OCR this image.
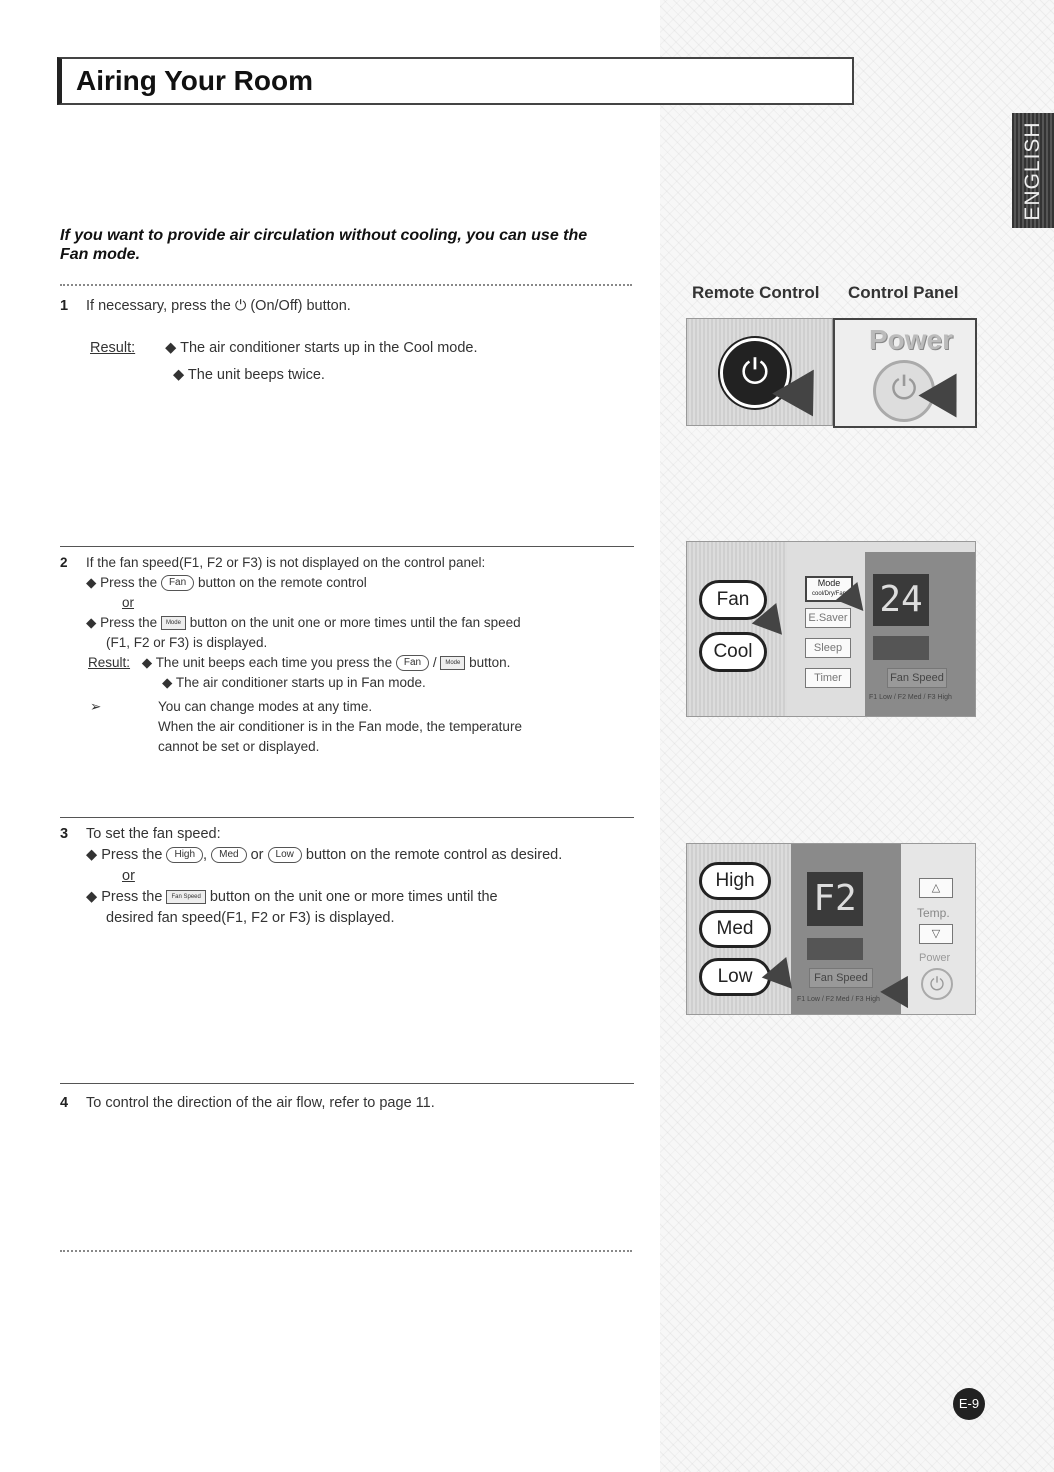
Airing Your Room
ENGLISH
If you want to provide air circulation without cooling, you can use the Fan mode.
1 If necessary, press the ⏻ (On/Off) button.
Result: ◆ The air conditioner starts up in the Cool mode.
◆ The unit beeps twice.
2 If the fan speed(F1, F2 or F3) is not displayed on the control panel:
◆ Press the Fan button on the remote control
or
◆ Press the Mode button on the unit one or more times until the fan speed
(F1, F2 or F3) is displayed.
Result: ◆ The unit beeps each time you press the Fan / Mode button.
◆ The air conditioner starts up in Fan mode.
➢	You can change modes at any time.
When the air conditioner is in the Fan mode, the temperature
cannot be set or displayed.
3 To set the fan speed:
◆ Press the High , Med or Low button on the remote control as desired.
or
◆ Press the Fan Speed button on the unit one or more times until the
desired fan speed(F1, F2 or F3) is displayed.
4 To control the direction of the air flow, refer to page 11.
Remote Control Control Panel
⏻
Power
⏻
Fan
Cool
Mode
cool/Dry/Fan
E.Saver
Sleep
Timer
24
Fan Speed
F1 Low / F2 Med / F3 High
High
Med
Low
F2
Fan Speed
F1 Low / F2 Med / F3 High
△
Temp.
▽
Power
⏻
E-9
